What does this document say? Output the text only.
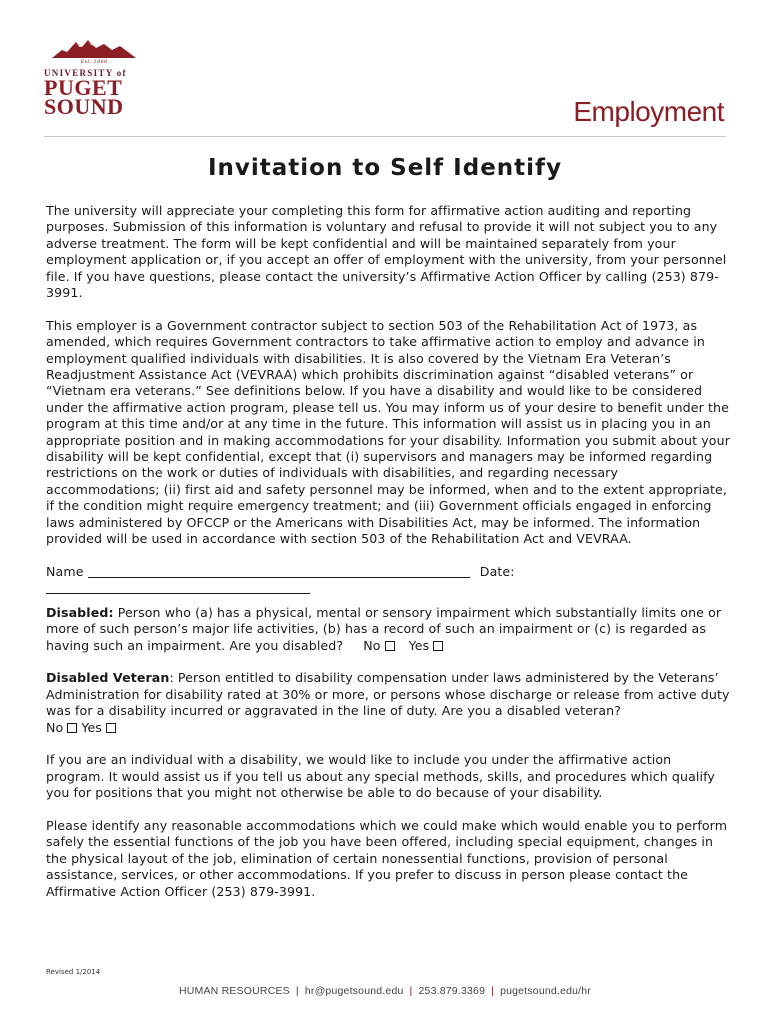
Est. 1888
UNIVERSITY of
PUGET
SOUND	Employment
Invitation to Self Identify

The university will appreciate your completing this form for affirmative action auditing and reporting purposes. Submission of this information is voluntary and refusal to provide it will not subject you to any adverse treatment. The form will be kept confidential and will be maintained separately from your employment application or, if you accept an offer of employment with the university, from your personnel file. If you have questions, please contact the university’s Affirmative Action Officer by calling (253) 879-3991.

This employer is a Government contractor subject to section 503 of the Rehabilitation Act of 1973, as amended, which requires Government contractors to take affirmative action to employ and advance in employment qualified individuals with disabilities. It is also covered by the Vietnam Era Veteran’s Readjustment Assistance Act (VEVRAA) which prohibits discrimination against “disabled veterans” or “Vietnam era veterans.” See definitions below. If you have a disability and would like to be considered under the affirmative action program, please tell us. You may inform us of your desire to benefit under the program at this time and/or at any time in the future. This information will assist us in placing you in an appropriate position and in making accommodations for your disability. Information you submit about your disability will be kept confidential, except that (i) supervisors and managers may be informed regarding restrictions on the work or duties of individuals with disabilities, and regarding necessary accommodations; (ii) first aid and safety personnel may be informed, when and to the extent appropriate, if the condition might require emergency treatment; and (iii) Government officials engaged in enforcing laws administered by OFCCP or the Americans with Disabilities Act, may be informed. The information provided will be used in accordance with section 503 of the Rehabilitation Act and VEVRAA.

Name	Date:

Disabled: Person who (a) has a physical, mental or sensory impairment which substantially limits one or more of such person’s major life activities, (b) has a record of such an impairment or (c) is regarded as having such an impairment. Are you disabled? No Yes

Disabled Veteran: Person entitled to disability compensation under laws administered by the Veterans’ Administration for disability rated at 30% or more, or persons whose discharge or release from active duty was for a disability incurred or aggravated in the line of duty. Are you a disabled veteran?
No Yes

If you are an individual with a disability, we would like to include you under the affirmative action program. It would assist us if you tell us about any special methods, skills, and procedures which qualify you for positions that you might not otherwise be able to do because of your disability.

Please identify any reasonable accommodations which we could make which would enable you to perform safely the essential functions of the job you have been offered, including special equipment, changes in the physical layout of the job, elimination of certain nonessential functions, provision of personal assistance, services, or other accommodations. If you prefer to discuss in person please contact the Affirmative Action Officer (253) 879-3991.

Revised 1/2014
HUMAN RESOURCES | hr@pugetsound.edu | 253.879.3369 | pugetsound.edu/hr
